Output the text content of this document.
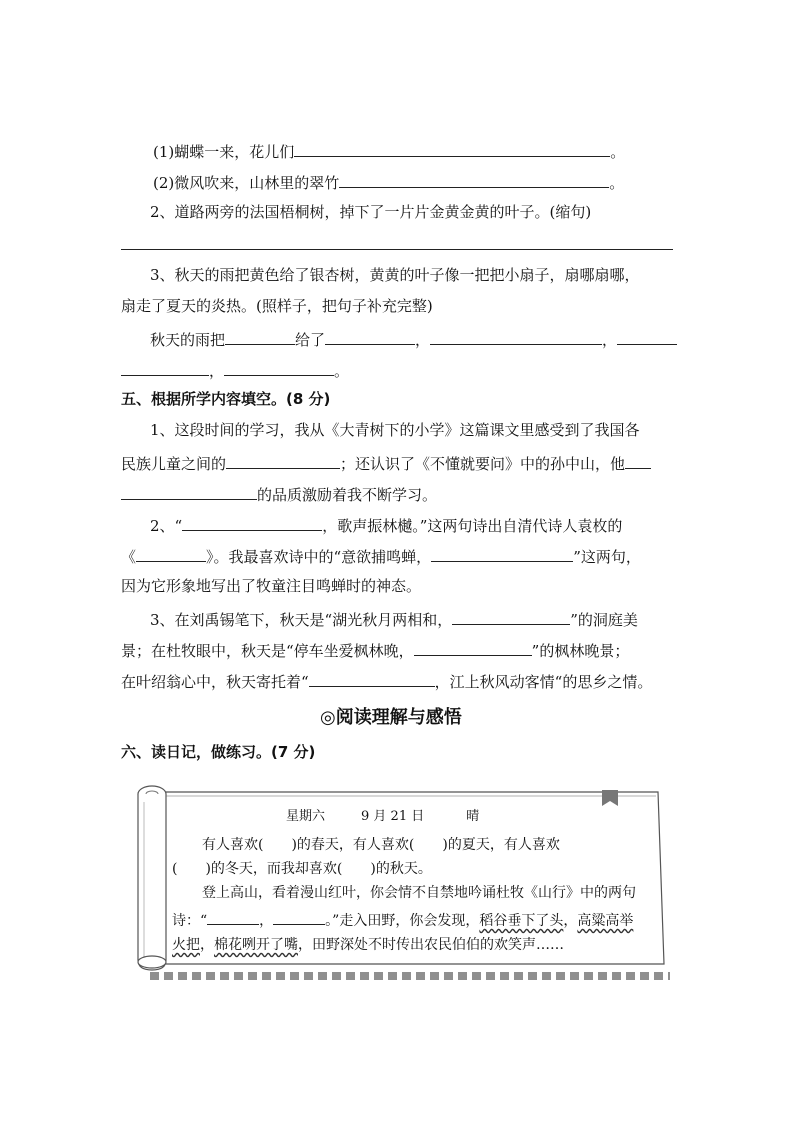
(1)蝴蝶一来，花儿们	。
(2)微风吹来，山林里的翠竹	。
2、道路两旁的法国梧桐树，掉下了一片片金黄金黄的叶子。(缩句)
3、秋天的雨把黄色给了银杏树，黄黄的叶子像一把把小扇子，扇哪扇哪，
扇走了夏天的炎热。(照样子，把句子补充完整)
秋天的雨把	给了	，	，
，	。
五、根据所学内容填空。(8 分)
1、这段时间的学习，我从《大青树下的小学》这篇课文里感受到了我国各
民族儿童之间的	；还认识了《不懂就要问》中的孙中山，他
的品质激励着我不断学习。
2、“	，歌声振林樾。”这两句诗出自清代诗人袁枚的
《	》。我最喜欢诗中的“意欲捕鸣蝉，	”这两句，
因为它形象地写出了牧童注目鸣蝉时的神态。
3、在刘禹锡笔下，秋天是“湖光秋月两相和，	”的洞庭美
景；在杜牧眼中，秋天是“停车坐爱枫林晚，	”的枫林晚景；
在叶绍翁心中，秋天寄托着“	，江上秋风动客情“的思乡之情。
◎阅读理解与感悟
六、读日记，做练习。(7 分)
星期六	9 月 21 日	晴
有人喜欢(　　)的春天，有人喜欢(　　)的夏天，有人喜欢
(　　)的冬天，而我却喜欢(　　)的秋天。
登上高山，看着漫山红叶，你会情不自禁地吟诵杜牧《山行》中的两句
诗：“	，	。”走入田野，你会发现，稻谷垂下了头，高粱高举
火把，棉花咧开了嘴，田野深处不时传出农民伯伯的欢笑声……
